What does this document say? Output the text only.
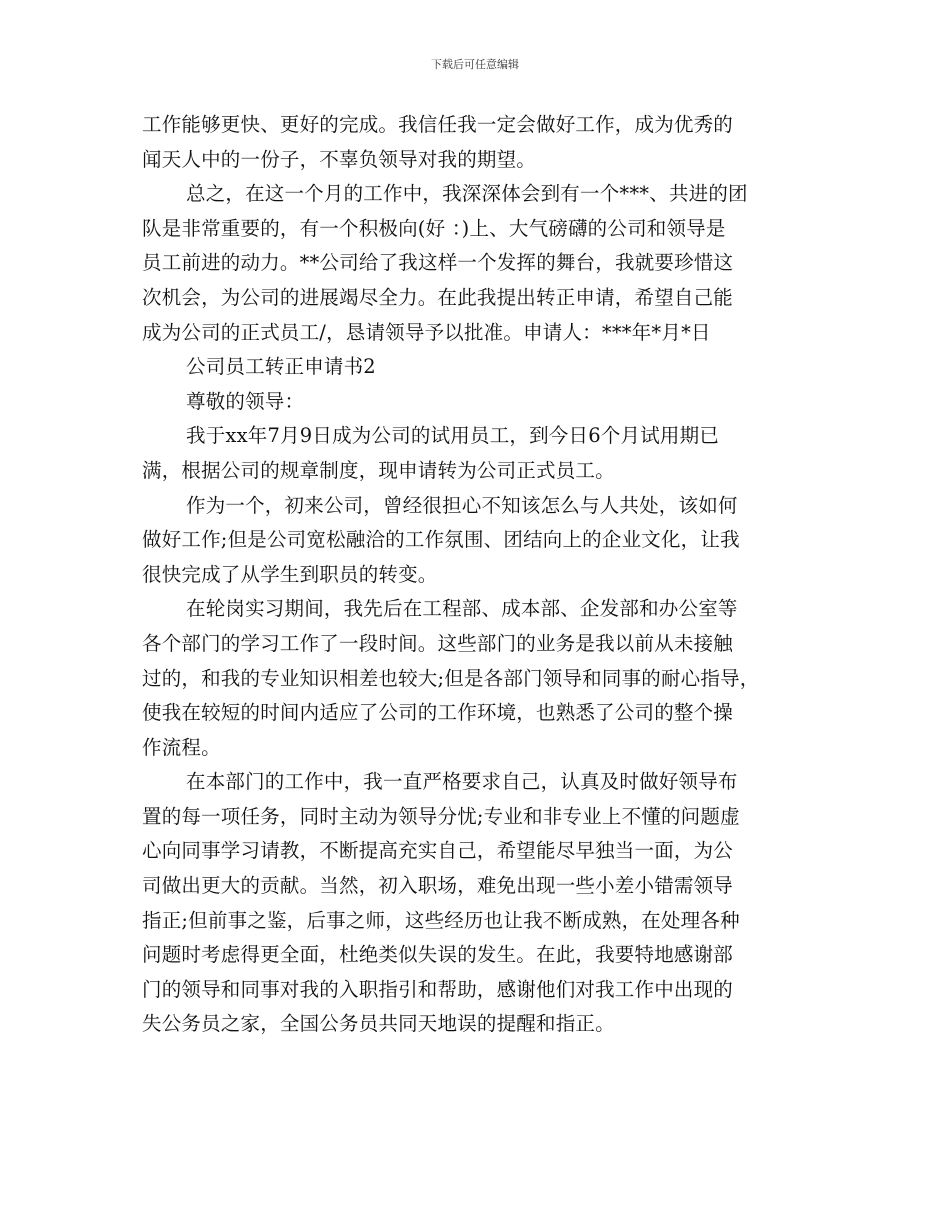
下载后可任意编辑
工作能够更快、更好的完成。我信任我一定会做好工作，成为优秀的
闻天人中的一份子，不辜负领导对我的期望。
总之，在这一个月的工作中，我深深体会到有一个***、共进的团
队是非常重要的，有一个积极向(好 ：)上、大气磅礴的公司和领导是
员工前进的动力。**公司给了我这样一个发挥的舞台，我就要珍惜这
次机会，为公司的进展竭尽全力。在此我提出转正申请，希望自己能
成为公司的正式员工/，恳请领导予以批准。申请人：***年*月*日
公司员工转正申请书2
尊敬的领导：
我于xx年7月9日成为公司的试用员工，到今日6个月试用期已
满，根据公司的规章制度，现申请转为公司正式员工。
作为一个，初来公司，曾经很担心不知该怎么与人共处，该如何
做好工作;但是公司宽松融洽的工作氛围、团结向上的企业文化，让我
很快完成了从学生到职员的转变。
在轮岗实习期间，我先后在工程部、成本部、企发部和办公室等
各个部门的学习工作了一段时间。这些部门的业务是我以前从未接触
过的，和我的专业知识相差也较大;但是各部门领导和同事的耐心指导，
使我在较短的时间内适应了公司的工作环境，也熟悉了公司的整个操
作流程。
在本部门的工作中，我一直严格要求自己，认真及时做好领导布
置的每一项任务，同时主动为领导分忧;专业和非专业上不懂的问题虚
心向同事学习请教，不断提高充实自己，希望能尽早独当一面，为公
司做出更大的贡献。当然，初入职场，难免出现一些小差小错需领导
指正;但前事之鉴，后事之师，这些经历也让我不断成熟，在处理各种
问题时考虑得更全面，杜绝类似失误的发生。在此，我要特地感谢部
门的领导和同事对我的入职指引和帮助，感谢他们对我工作中出现的
失公务员之家，全国公务员共同天地误的提醒和指正。
